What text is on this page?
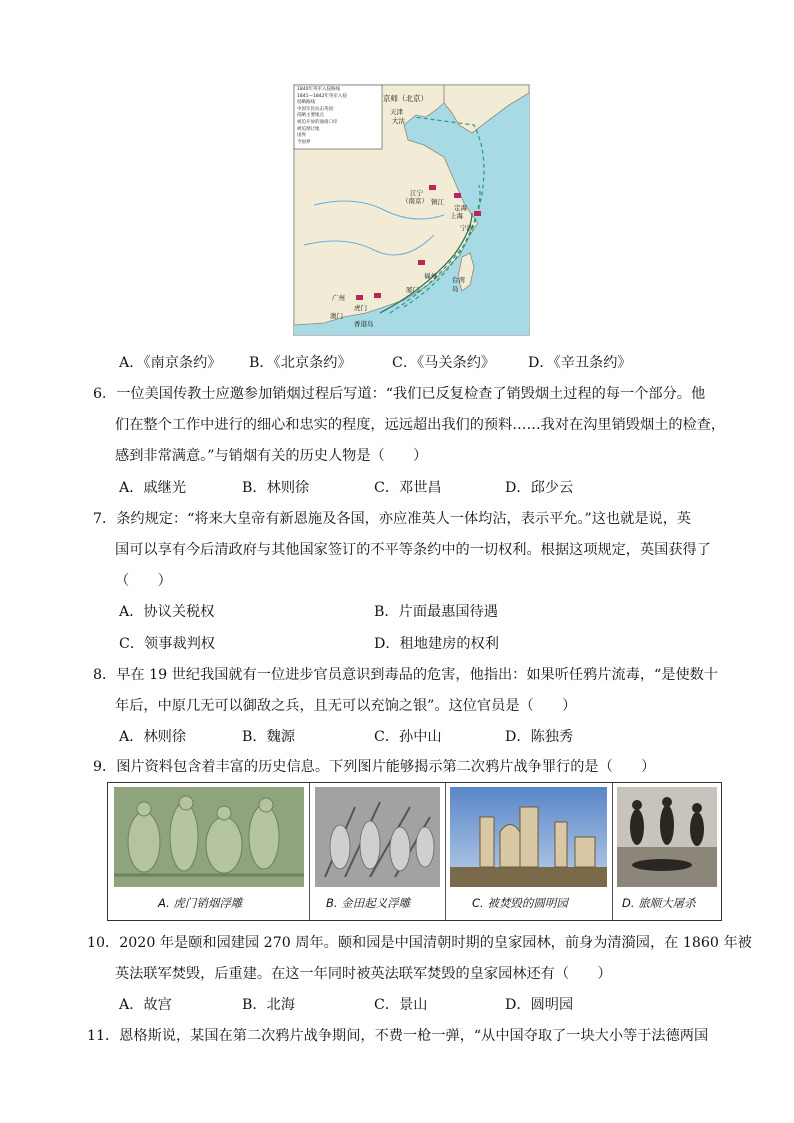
1840年英军入侵路线
1841—1842年英军入侵
侵略路线
中国军民抗击英国
侵略主要地点
被迫开放的通商口岸
被迫割让地
国界
今国界
京师（北京）
天津
大沽
江宁
（南京） 镇江
定海
上海
宁波
福州
厦门
台湾岛
广州
虎门
澳门
香港岛
A．《南京条约》 B．《北京条约》	C．《马关条约》 D．《辛丑条约》
6．一位美国传教士应邀参加销烟过程后写道：“我们已反复检查了销毁烟土过程的每一个部分。他
们在整个工作中进行的细心和忠实的程度，远远超出我们的预料……我对在沟里销毁烟土的检查，
感到非常满意。”与销烟有关的历史人物是（　　）
A．戚继光	B．林则徐	C．邓世昌	D．邱少云
7．条约规定：“将来大皇帝有新恩施及各国，亦应准英人一体均沾，表示平允。”这也就是说，英
国可以享有今后清政府与其他国家签订的不平等条约中的一切权利。根据这项规定，英国获得了
（　　）
A．协议关税权	B．片面最惠国待遇
C．领事裁判权	D．租地建房的权利
8．早在 19 世纪我国就有一位进步官员意识到毒品的危害，他指出：如果听任鸦片流毒，“是使数十
年后，中原几无可以御敌之兵，且无可以充饷之银”。这位官员是（　　）
A．林则徐	B．魏源	C．孙中山	D．陈独秀
9．图片资料包含着丰富的历史信息。下列图片能够揭示第二次鸦片战争罪行的是（　　）
A. 虎门销烟浮雕	B. 金田起义浮雕	C. 被焚毁的圆明园	D. 旅顺大屠杀
10．2020 年是颐和园建园 270 周年。颐和园是中国清朝时期的皇家园林，前身为清漪园，在 1860 年被
英法联军焚毁，后重建。在这一年同时被英法联军焚毁的皇家园林还有（　　）
A．故宫	B．北海	C．景山	D．圆明园
11．恩格斯说，某国在第二次鸦片战争期间，不费一枪一弹，“从中国夺取了一块大小等于法德两国
